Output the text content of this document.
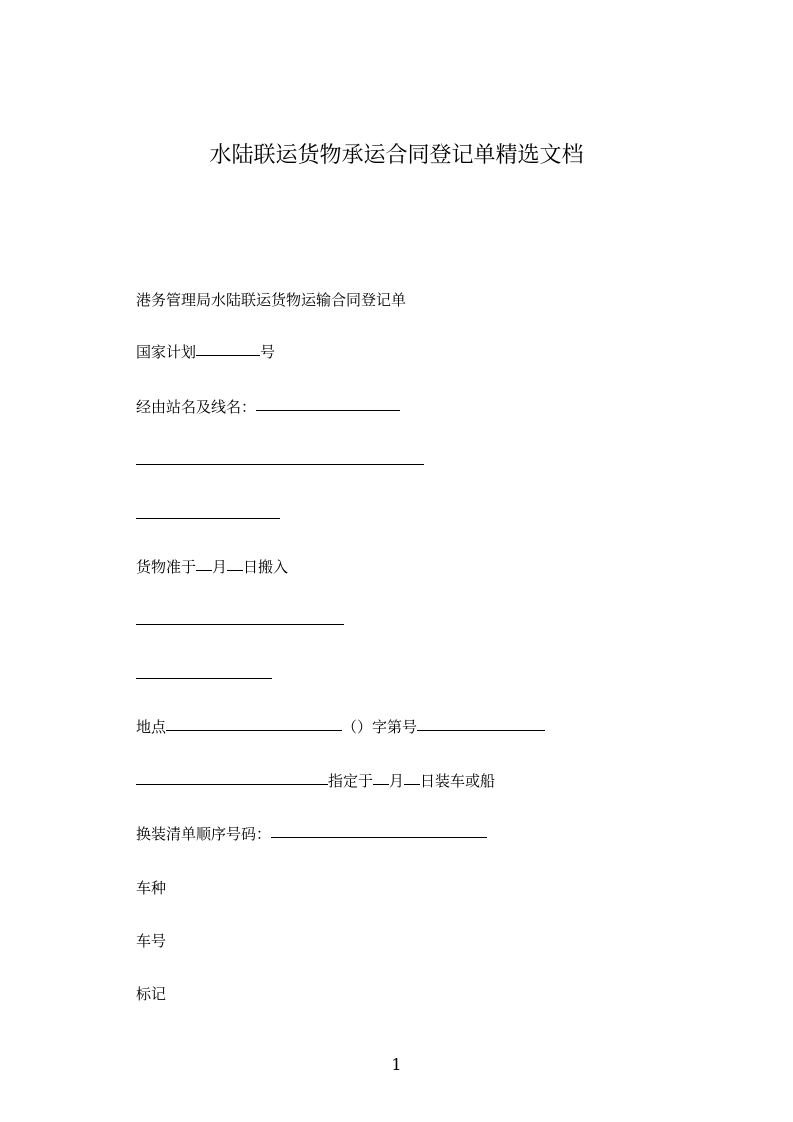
水陆联运货物承运合同登记单精选文档
港务管理局水陆联运货物运输合同登记单
国家计划	号
经由站名及线名：
货物准于 月 日搬入
地点	（）字第号
指定于 月 日装车或船
换装清单顺序号码：
车种
车号
标记
1
